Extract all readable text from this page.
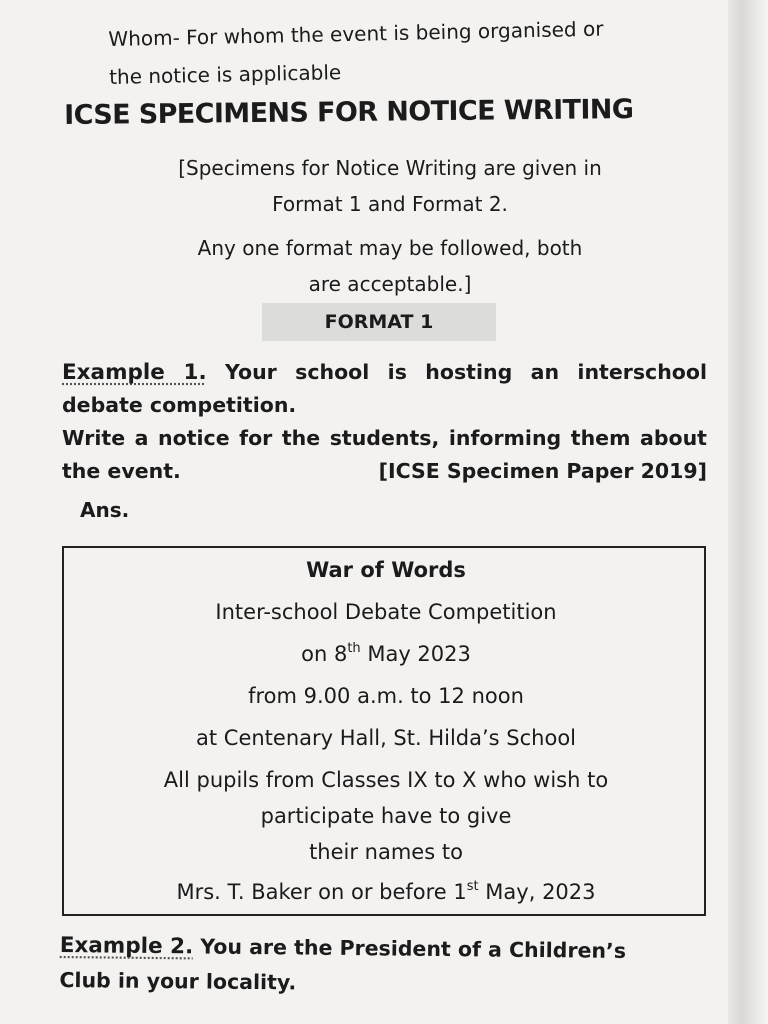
Whom- For whom the event is being organised or
the notice is applicable
ICSE SPECIMENS FOR NOTICE WRITING

[Specimens for Notice Writing are given in

Format 1 and Format 2.

Any one format may be followed, both

are acceptable.]

FORMAT 1

Example 1. Your school is hosting an interschool debate competition.

Write a notice for the students, informing them about the event.	[ICSE Specimen Paper 2019]

Ans.
War of Words
Inter-school Debate Competition
on 8th May 2023
from 9.00 a.m. to 12 noon
at Centenary Hall, St. Hilda’s School
All pupils from Classes IX to X who wish to
participate have to give
their names to
Mrs. T. Baker on or before 1st May, 2023

Example 2. You are the President of a Children’s

Club in your locality.
